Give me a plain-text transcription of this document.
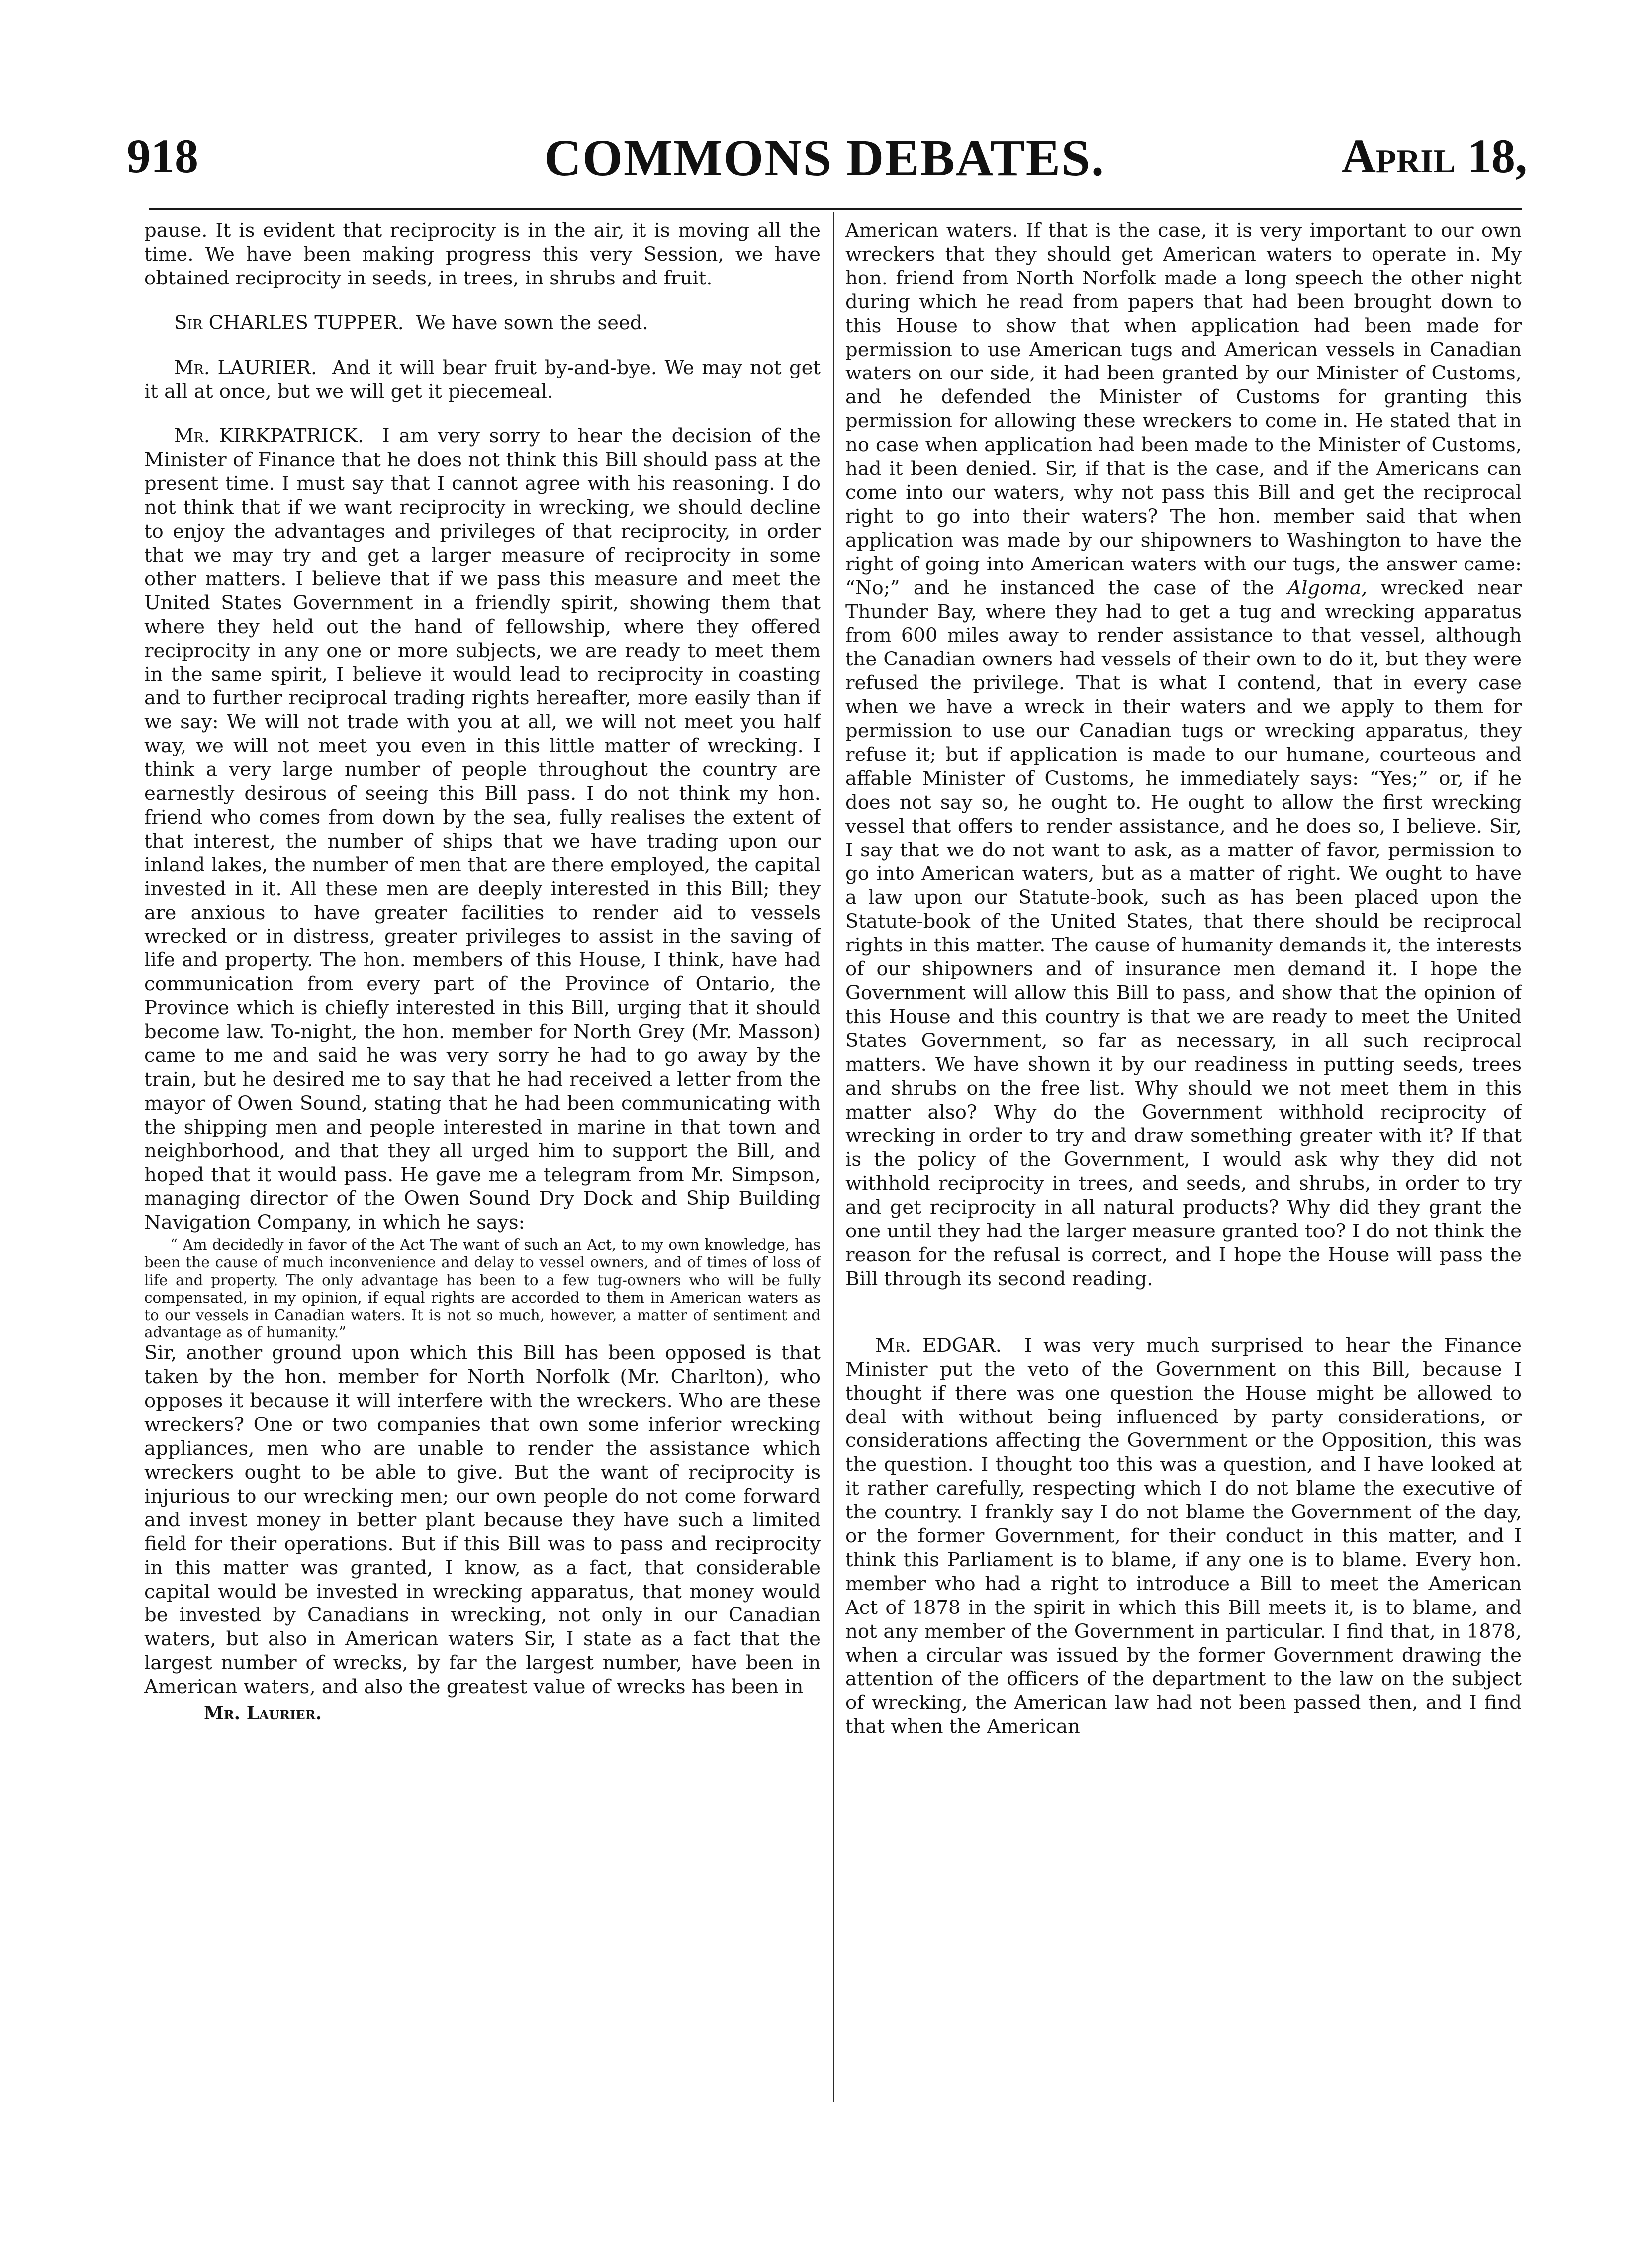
918	COMMONS DEBATES.	April 18,

pause. It is evident that reciprocity is in the air, it is moving all the time. We have been making progress this very Session, we have obtained reciprocity in seeds, in trees, in shrubs and fruit.

Sir CHARLES TUPPER. We have sown the seed.

Mr. LAURIER. And it will bear fruit by-and-bye. We may not get it all at once, but we will get it piecemeal.

Mr. KIRKPATRICK. I am very sorry to hear the decision of the Minister of Finance that he does not think this Bill should pass at the present time. I must say that I cannot agree with his reasoning. I do not think that if we want reciprocity in wrecking, we should decline to enjoy the advantages and privileges of that reciprocity, in order that we may try and get a larger measure of reciprocity in some other matters. I believe that if we pass this measure and meet the United States Government in a friendly spirit, showing them that where they held out the hand of fellowship, where they offered reciprocity in any one or more subjects, we are ready to meet them in the same spirit, I believe it would lead to reciprocity in coasting and to further reciprocal trading rights hereafter, more easily than if we say: We will not trade with you at all, we will not meet you half way, we will not meet you even in this little matter of wrecking. I think a very large number of people throughout the country are earnestly desirous of seeing this Bill pass. I do not think my hon. friend who comes from down by the sea, fully realises the extent of that interest, the number of ships that we have trading upon our inland lakes, the number of men that are there employed, the capital invested in it. All these men are deeply interested in this Bill; they are anxious to have greater facilities to render aid to vessels wrecked or in distress, greater privileges to assist in the saving of life and property. The hon. members of this House, I think, have had communication from every part of the Province of Ontario, the Province which is chiefly interested in this Bill, urging that it should become law. To-night, the hon. member for North Grey (Mr. Masson) came to me and said he was very sorry he had to go away by the train, but he desired me to say that he had received a letter from the mayor of Owen Sound, stating that he had been communicating with the shipping men and people interested in marine in that town and neighborhood, and that they all urged him to support the Bill, and hoped that it would pass. He gave me a telegram from Mr. Simpson, managing director of the Owen Sound Dry Dock and Ship Building Navigation Company, in which he says:

“ Am decidedly in favor of the Act The want of such an Act, to my own knowledge, has been the cause of much inconvenience and delay to vessel owners, and of times of loss of life and property. The only advantage has been to a few tug-owners who will be fully compensated, in my opinion, if equal rights are accorded to them in American waters as to our vessels in Canadian waters. It is not so much, however, a matter of sentiment and advantage as of humanity.”

Sir, another ground upon which this Bill has been opposed is that taken by the hon. member for North Norfolk (Mr. Charlton), who opposes it because it will interfere with the wreckers. Who are these wreckers? One or two companies that own some inferior wrecking appliances, men who are unable to render the assistance which wreckers ought to be able to give. But the want of reciprocity is injurious to our wrecking men; our own people do not come forward and invest money in better plant because they have such a limited field for their operations. But if this Bill was to pass and reciprocity in this matter was granted, I know, as a fact, that considerable capital would be invested in wrecking apparatus, that money would be invested by Canadians in wrecking, not only in our Canadian waters, but also in American waters Sir, I state as a fact that the largest number of wrecks, by far the largest number, have been in American waters, and also the greatest value of wrecks has been in

Mr. Laurier.

American waters. If that is the case, it is very important to our own wreckers that they should get American waters to operate in. My hon. friend from North Norfolk made a long speech the other night during which he read from papers that had been brought down to this House to show that when application had been made for permission to use American tugs and American vessels in Canadian waters on our side, it had been granted by our Minister of Customs, and he defended the Minister of Customs for granting this permission for allowing these wreckers to come in. He stated that in no case when application had been made to the Minister of Customs, had it been denied. Sir, if that is the case, and if the Americans can come into our waters, why not pass this Bill and get the reciprocal right to go into their waters? The hon. member said that when application was made by our shipowners to Washington to have the right of going into American waters with our tugs, the answer came: “No;” and he instanced the case of the Algoma, wrecked near Thunder Bay, where they had to get a tug and wrecking apparatus from 600 miles away to render assistance to that vessel, although the Canadian owners had vessels of their own to do it, but they were refused the privilege. That is what I contend, that in every case when we have a wreck in their waters and we apply to them for permission to use our Canadian tugs or wrecking apparatus, they refuse it; but if application is made to our humane, courteous and affable Minister of Customs, he immediately says: “Yes;” or, if he does not say so, he ought to. He ought to allow the first wrecking vessel that offers to render assistance, and he does so, I believe. Sir, I say that we do not want to ask, as a matter of favor, permission to go into American waters, but as a matter of right. We ought to have a law upon our Statute-book, such as has been placed upon the Statute-book of the United States, that there should be reciprocal rights in this matter. The cause of humanity demands it, the interests of our shipowners and of insurance men demand it. I hope the Government will allow this Bill to pass, and show that the opinion of this House and this country is that we are ready to meet the United States Government, so far as necessary, in all such reciprocal matters. We have shown it by our readiness in putting seeds, trees and shrubs on the free list. Why should we not meet them in this matter also? Why do the Government withhold reciprocity of wrecking in order to try and draw something greater with it? If that is the policy of the Government, I would ask why they did not withhold reciprocity in trees, and seeds, and shrubs, in order to try and get reciprocity in all natural products? Why did they grant the one until they had the larger measure granted too? I do not think the reason for the refusal is correct, and I hope the House will pass the Bill through its second reading.

Mr. EDGAR. I was very much surprised to hear the Finance Minister put the veto of the Government on this Bill, because I thought if there was one question the House might be allowed to deal with without being influenced by party considerations, or considerations affecting the Government or the Opposition, this was the question. I thought too this was a question, and I have looked at it rather carefully, respecting which I do not blame the executive of the country. I frankly say I do not blame the Government of the day, or the former Government, for their conduct in this matter, and I think this Parliament is to blame, if any one is to blame. Every hon. member who had a right to introduce a Bill to meet the American Act of 1878 in the spirit in which this Bill meets it, is to blame, and not any member of the Government in particular. I find that, in 1878, when a circular was issued by the former Government drawing the attention of the officers of the department to the law on the subject of wrecking, the American law had not been passed then, and I find that when the American
